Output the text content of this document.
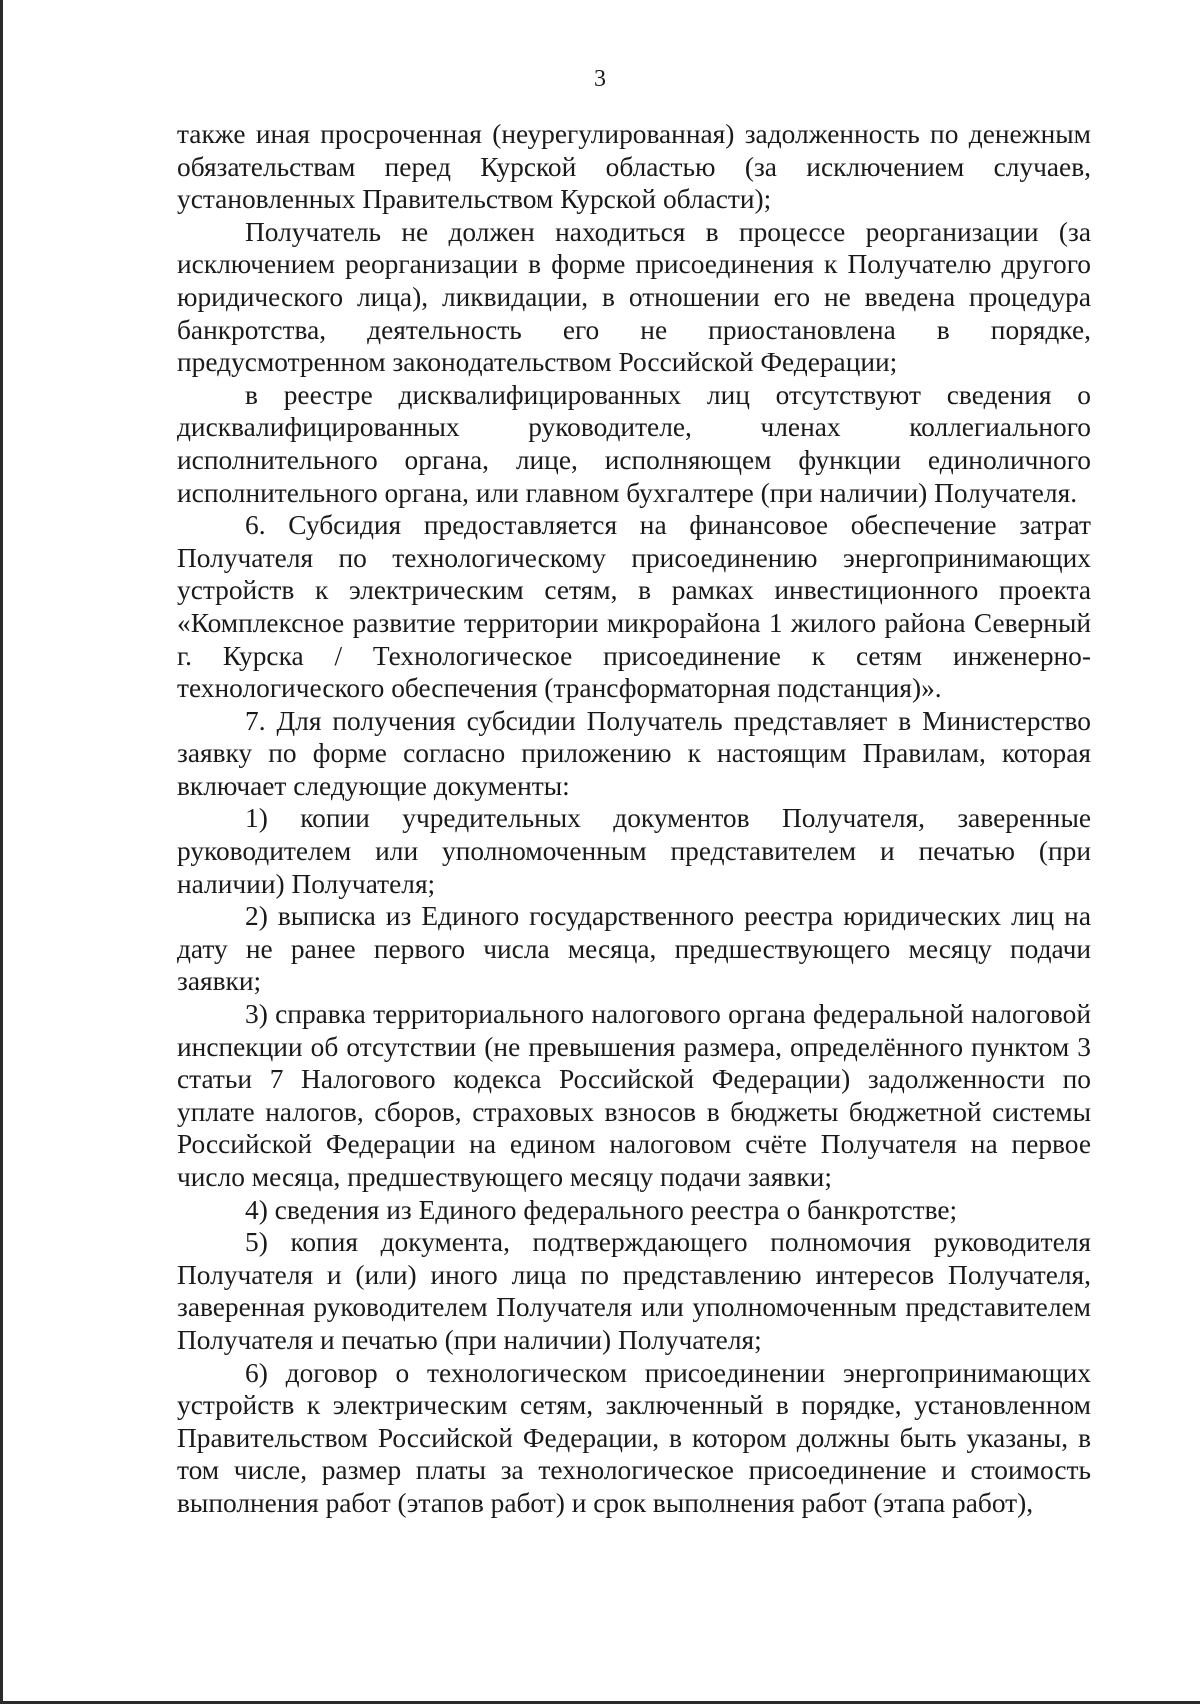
3

также иная просроченная (неурегулированная) задолженность по денежным обязательствам перед Курской областью (за исключением случаев, установленных Правительством Курской области);

Получатель не должен находиться в процессе реорганизации (за исключением реорганизации в форме присоединения к Получателю другого юридического лица), ликвидации, в отношении его не введена процедура банкротства, деятельность его не приостановлена в порядке, предусмотренном законодательством Российской Федерации;

в реестре дисквалифицированных лиц отсутствуют сведения о дисквалифицированных руководителе, членах коллегиального исполнительного органа, лице, исполняющем функции единоличного исполнительного органа, или главном бухгалтере (при наличии) Получателя.

6. Субсидия предоставляется на финансовое обеспечение затрат Получателя по технологическому присоединению энергопринимающих устройств к электрическим сетям, в рамках инвестиционного проекта «Комплексное развитие территории микрорайона 1 жилого района Северный г. Курска / Технологическое присоединение к сетям инженерно-технологического обеспечения (трансформаторная подстанция)».

7. Для получения субсидии Получатель представляет в Министерство заявку по форме согласно приложению к настоящим Правилам, которая включает следующие документы:

1) копии учредительных документов Получателя, заверенные руководителем или уполномоченным представителем и печатью (при наличии) Получателя;

2) выписка из Единого государственного реестра юридических лиц на дату не ранее первого числа месяца, предшествующего месяцу подачи заявки;

3) справка территориального налогового органа федеральной налоговой инспекции об отсутствии (не превышения размера, определённого пунктом 3 статьи 7 Налогового кодекса Российской Федерации) задолженности по уплате налогов, сборов, страховых взносов в бюджеты бюджетной системы Российской Федерации на едином налоговом счёте Получателя на первое число месяца, предшествующего месяцу подачи заявки;

4) сведения из Единого федерального реестра о банкротстве;

5) копия документа, подтверждающего полномочия руководителя Получателя и (или) иного лица по представлению интересов Получателя, заверенная руководителем Получателя или уполномоченным представителем Получателя и печатью (при наличии) Получателя;

6) договор о технологическом присоединении энергопринимающих устройств к электрическим сетям, заключенный в порядке, установленном Правительством Российской Федерации, в котором должны быть указаны, в том числе, размер платы за технологическое присоединение и стоимость выполнения работ (этапов работ) и срок выполнения работ (этапа работ),
